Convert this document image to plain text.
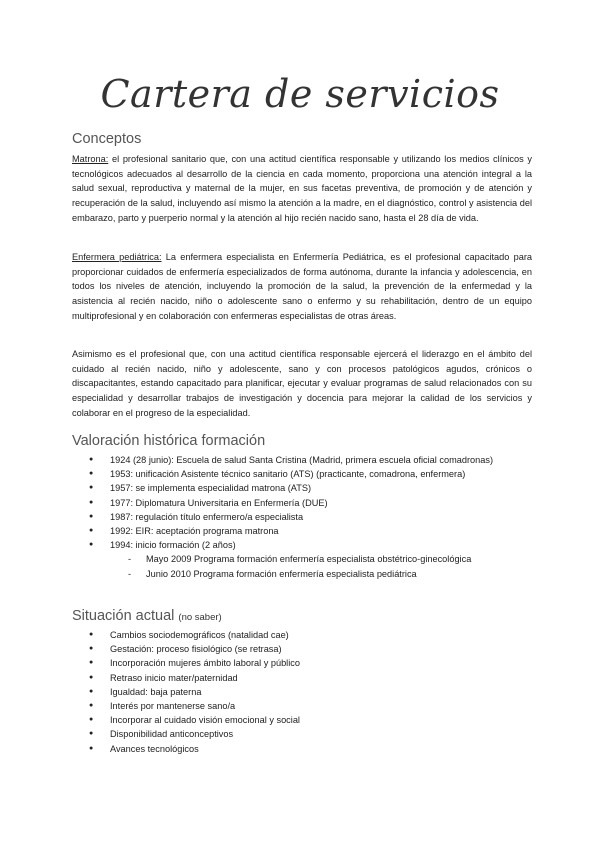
Cartera de servicios
Conceptos
Matrona: el profesional sanitario que, con una actitud científica responsable y utilizando los medios clínicos y tecnológicos adecuados al desarrollo de la ciencia en cada momento, proporciona una atención integral a la salud sexual, reproductiva y maternal de la mujer, en sus facetas preventiva, de promoción y de atención y recuperación de la salud, incluyendo así mismo la atención a la madre, en el diagnóstico, control y asistencia del embarazo, parto y puerperio normal y la atención al hijo recién nacido sano, hasta el 28 día de vida.
Enfermera pediátrica: La enfermera especialista en Enfermería Pediátrica, es el profesional capacitado para proporcionar cuidados de enfermería especializados de forma autónoma, durante la infancia y adolescencia, en todos los niveles de atención, incluyendo la promoción de la salud, la prevención de la enfermedad y la asistencia al recién nacido, niño o adolescente sano o enfermo y su rehabilitación, dentro de un equipo multiprofesional y en colaboración con enfermeras especialistas de otras áreas.
Asimismo es el profesional que, con una actitud científica responsable ejercerá el liderazgo en el ámbito del cuidado al recién nacido, niño y adolescente, sano y con procesos patológicos agudos, crónicos o discapacitantes, estando capacitado para planificar, ejecutar y evaluar programas de salud relacionados con su especialidad y desarrollar trabajos de investigación y docencia para mejorar la calidad de los servicios y colaborar en el progreso de la especialidad.
Valoración histórica formación
● 1924 (28 junio): Escuela de salud Santa Cristina (Madrid, primera escuela oficial comadronas)
● 1953: unificación Asistente técnico sanitario (ATS) (practicante, comadrona, enfermera)
● 1957: se implementa especialidad matrona (ATS)
● 1977: Diplomatura Universitaria en Enfermería (DUE)
● 1987: regulación título enfermero/a especialista
● 1992: EIR: aceptación programa matrona
● 1994: inicio formación (2 años)
- Mayo 2009 Programa formación enfermería especialista obstétrico-ginecológica
- Junio 2010 Programa formación enfermería especialista pediátrica
Situación actual (no saber)
● Cambios sociodemográficos (natalidad cae)
● Gestación: proceso fisiológico (se retrasa)
● Incorporación mujeres ámbito laboral y público
● Retraso inicio mater/paternidad
● Igualdad: baja paterna
● Interés por mantenerse sano/a
● Incorporar al cuidado visión emocional y social
● Disponibilidad anticonceptivos
● Avances tecnológicos
